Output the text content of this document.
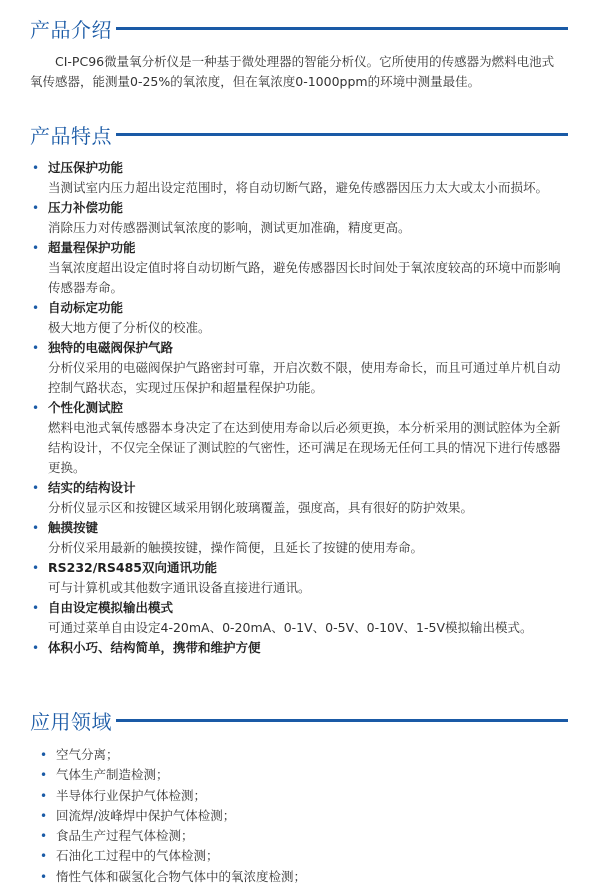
产品介绍
CI-PC96微量氧分析仪是一种基于微处理器的智能分析仪。它所使用的传感器为燃料电池式氧传感器，能测量0-25%的氧浓度，但在氧浓度0-1000ppm的环境中测量最佳。
产品特点
• 过压保护功能
当测试室内压力超出设定范围时，将自动切断气路，避免传感器因压力太大或太小而损坏。
• 压力补偿功能
消除压力对传感器测试氧浓度的影响，测试更加准确，精度更高。
• 超量程保护功能
当氧浓度超出设定值时将自动切断气路，避免传感器因长时间处于氧浓度较高的环境中而影响传感器寿命。
• 自动标定功能
极大地方便了分析仪的校准。
• 独特的电磁阀保护气路
分析仪采用的电磁阀保护气路密封可靠，开启次数不限，使用寿命长，而且可通过单片机自动控制气路状态，实现过压保护和超量程保护功能。
• 个性化测试腔
燃料电池式氧传感器本身决定了在达到使用寿命以后必须更换，本分析采用的测试腔体为全新结构设计，不仅完全保证了测试腔的气密性，还可满足在现场无任何工具的情况下进行传感器更换。
• 结实的结构设计
分析仪显示区和按键区域采用钢化玻璃覆盖，强度高，具有很好的防护效果。
• 触摸按键
分析仪采用最新的触摸按键，操作简便，且延长了按键的使用寿命。
• RS232/RS485双向通讯功能
可与计算机或其他数字通讯设备直接进行通讯。
• 自由设定模拟输出模式
可通过菜单自由设定4-20mA、0-20mA、0-1V、0-5V、0-10V、1-5V模拟输出模式。
• 体积小巧、结构简单，携带和维护方便
应用领域
• 空气分离；
• 气体生产制造检测；
• 半导体行业保护气体检测；
• 回流焊/波峰焊中保护气体检测；
• 食品生产过程气体检测；
• 石油化工过程中的气体检测；
• 惰性气体和碳氢化合物气体中的氧浓度检测；
